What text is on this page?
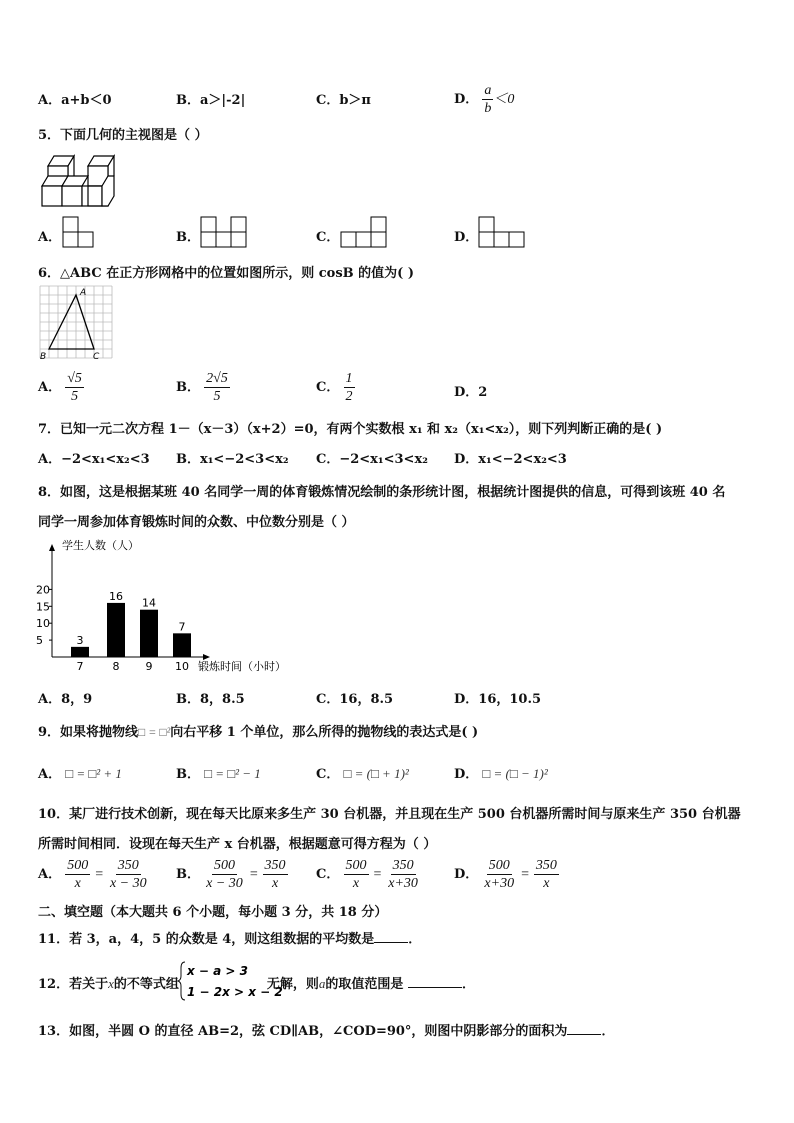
A．a+b＜0	B．a＞|-2|	C．b＞π	D． $\frac{a}{b} <0$
5．下面几何的主视图是（ ）
A．	B．	C．	D．
6．△ABC 在正方形网格中的位置如图所示，则 cosB 的值为( )
A
B	C
A． $\frac{√5}{5}$	B． $\frac{2√5}{5}$	C． $\frac{1}{2}$	D．2
7．已知一元二次方程 1－（x－3）（x+2）=0，有两个实数根 x₁ 和 x₂（x₁<x₂），则下列判断正确的是( )
A．−2<x₁<x₂<3 B．x₁<−2<3<x₂ C．−2<x₁<3<x₂ D．x₁<−2<x₂<3
8．如图，这是根据某班 40 名同学一周的体育锻炼情况绘制的条形统计图，根据统计图提供的信息，可得到该班 40 名
同学一周参加体育锻炼时间的众数、中位数分别是（ ）
学生人数（人）
锻炼时间（小时）
5
10
15
20
3
7
16
8
14
9
7
10
A．8，9	B．8，8.5	C．16，8.5	D．16，10.5
9．如果将抛物线□ = □²向右平移 1 个单位，那么所得的抛物线的表达式是( )
A． □ = □² + 1	B． □ = □² − 1	C． □ = (□ + 1)²	D． □ = (□ − 1)²
10．某厂进行技术创新，现在每天比原来多生产 30 台机器，并且现在生产 500 台机器所需时间与原来生产 350 台机器
所需时间相同．设现在每天生产 x 台机器，根据题意可得方程为（ ）
A． $\frac{500}{x} = \frac{350}{x - 30}$ B． $\frac{500}{x - 30} = \frac{350}{x}$ C． $\frac{500}{x} = \frac{350}{x+30}$	D． $\frac{500}{x+30} = \frac{350}{x}$
二、填空题（本大题共 6 个小题，每小题 3 分，共 18 分）
11．若 3，a，4，5 的众数是 4，则这组数据的平均数是	．
12．若关于x的不等式组
x − a > 3
1 − 2x > x − 2
无解，则a的取值范围是	．
13．如图，半圆 O 的直径 AB=2，弦 CD∥AB，∠COD=90°，则图中阴影部分的面积为	．
